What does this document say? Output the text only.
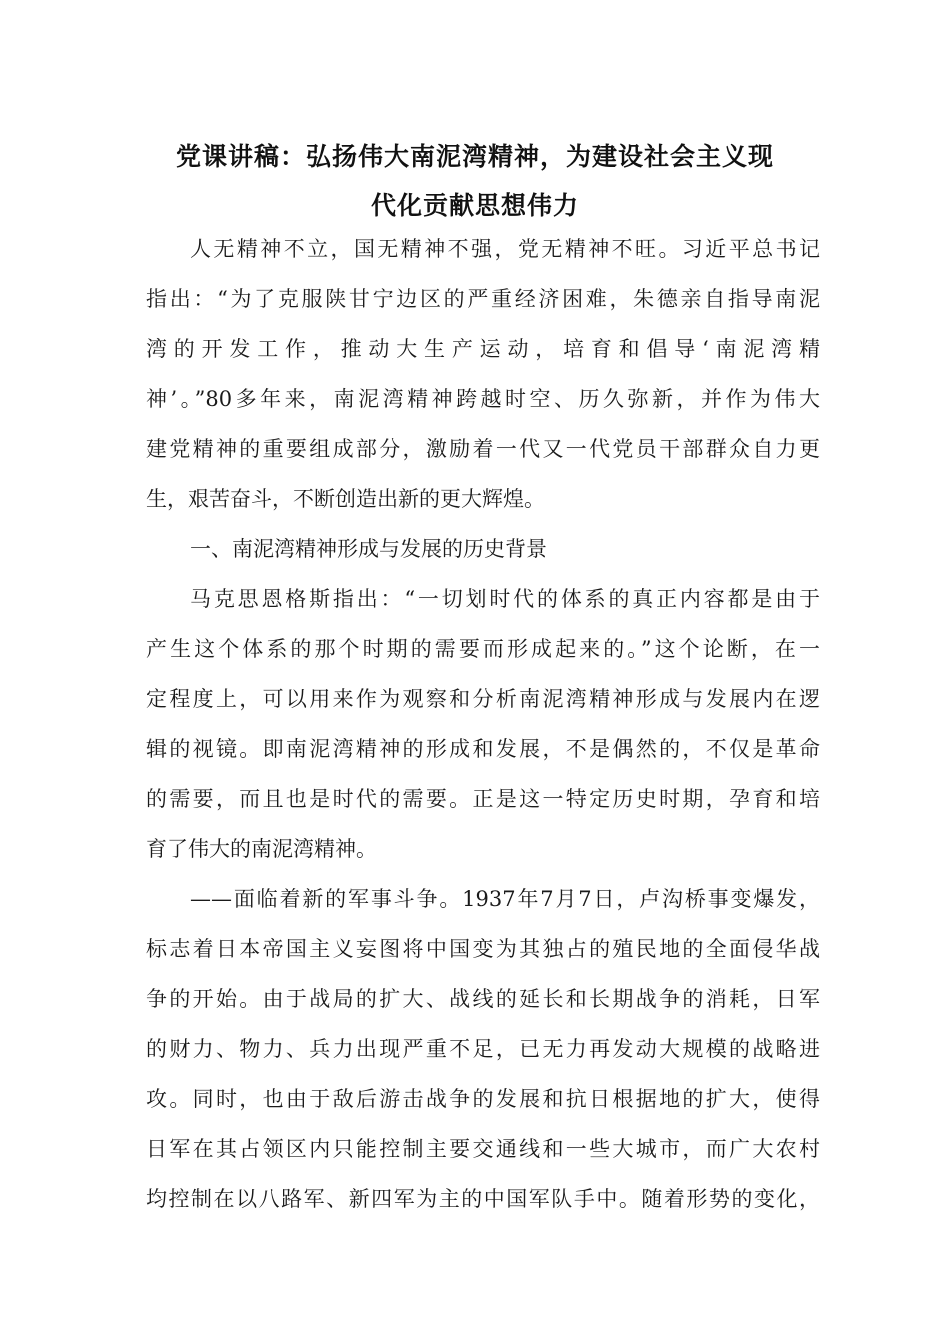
党课讲稿：弘扬伟大南泥湾精神，为建设社会主义现
代化贡献思想伟力
人无精神不立，国无精神不强，党无精神不旺。习近平总书记
指出：“为了克服陕甘宁边区的严重经济困难，朱德亲自指导南泥
湾的开发工作，推动大生产运动，培育和倡导‘南泥湾精
神’。”80多年来，南泥湾精神跨越时空、历久弥新，并作为伟大
建党精神的重要组成部分，激励着一代又一代党员干部群众自力更
生，艰苦奋斗，不断创造出新的更大辉煌。
一、南泥湾精神形成与发展的历史背景
马克思恩格斯指出：“一切划时代的体系的真正内容都是由于
产生这个体系的那个时期的需要而形成起来的。”这个论断，在一
定程度上，可以用来作为观察和分析南泥湾精神形成与发展内在逻
辑的视镜。即南泥湾精神的形成和发展，不是偶然的，不仅是革命
的需要，而且也是时代的需要。正是这一特定历史时期，孕育和培
育了伟大的南泥湾精神。
——面临着新的军事斗争。1937年7月7日，卢沟桥事变爆发，
标志着日本帝国主义妄图将中国变为其独占的殖民地的全面侵华战
争的开始。由于战局的扩大、战线的延长和长期战争的消耗，日军
的财力、物力、兵力出现严重不足，已无力再发动大规模的战略进
攻。同时，也由于敌后游击战争的发展和抗日根据地的扩大，使得
日军在其占领区内只能控制主要交通线和一些大城市，而广大农村
均控制在以八路军、新四军为主的中国军队手中。随着形势的变化，
